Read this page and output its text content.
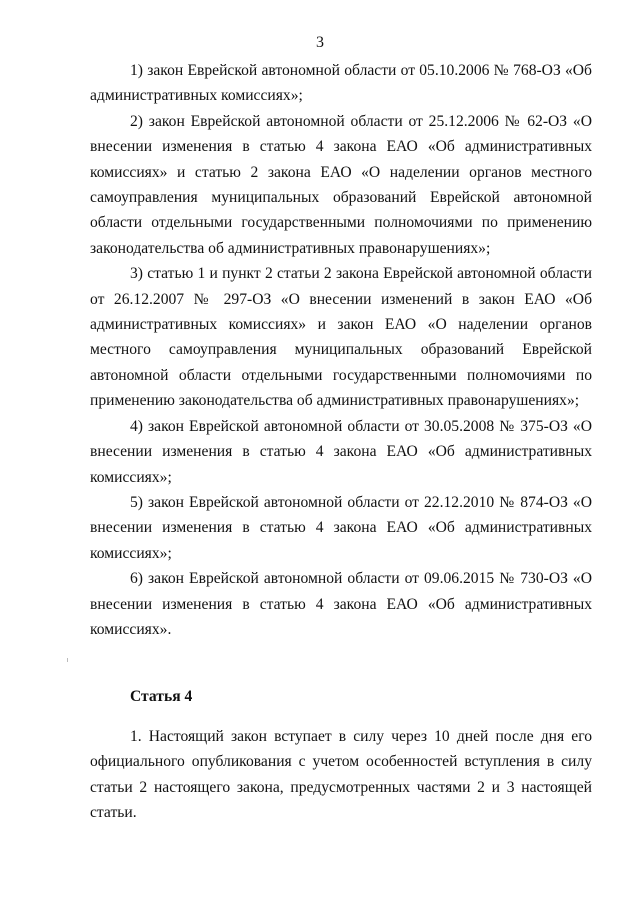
3

1) закон Еврейской автономной области от 05.10.2006 № 768-ОЗ «Об административных комиссиях»;

2) закон Еврейской автономной области от 25.12.2006 № 62-ОЗ «О внесении изменения в статью 4 закона ЕАО «Об административных комиссиях» и статью 2 закона ЕАО «О наделении органов местного самоуправления муниципальных образований Еврейской автономной области отдельными государственными полномочиями по применению законодательства об административных правонарушениях»;

3) статью 1 и пункт 2 статьи 2 закона Еврейской автономной области от 26.12.2007 № 297-ОЗ «О внесении изменений в закон ЕАО «Об административных комиссиях» и закон ЕАО «О наделении органов местного самоуправления муниципальных образований Еврейской автономной области отдельными государственными полномочиями по применению законодательства об административных правонарушениях»;

4) закон Еврейской автономной области от 30.05.2008 № 375-ОЗ «О внесении изменения в статью 4 закона ЕАО «Об административных комиссиях»;

5) закон Еврейской автономной области от 22.12.2010 № 874-ОЗ «О внесении изменения в статью 4 закона ЕАО «Об административных комиссиях»;

6) закон Еврейской автономной области от 09.06.2015 № 730-ОЗ «О внесении изменения в статью 4 закона ЕАО «Об административных комиссиях».

Статья 4

1. Настоящий закон вступает в силу через 10 дней после дня его официального опубликования с учетом особенностей вступления в силу статьи 2 настоящего закона, предусмотренных частями 2 и 3 настоящей статьи.
